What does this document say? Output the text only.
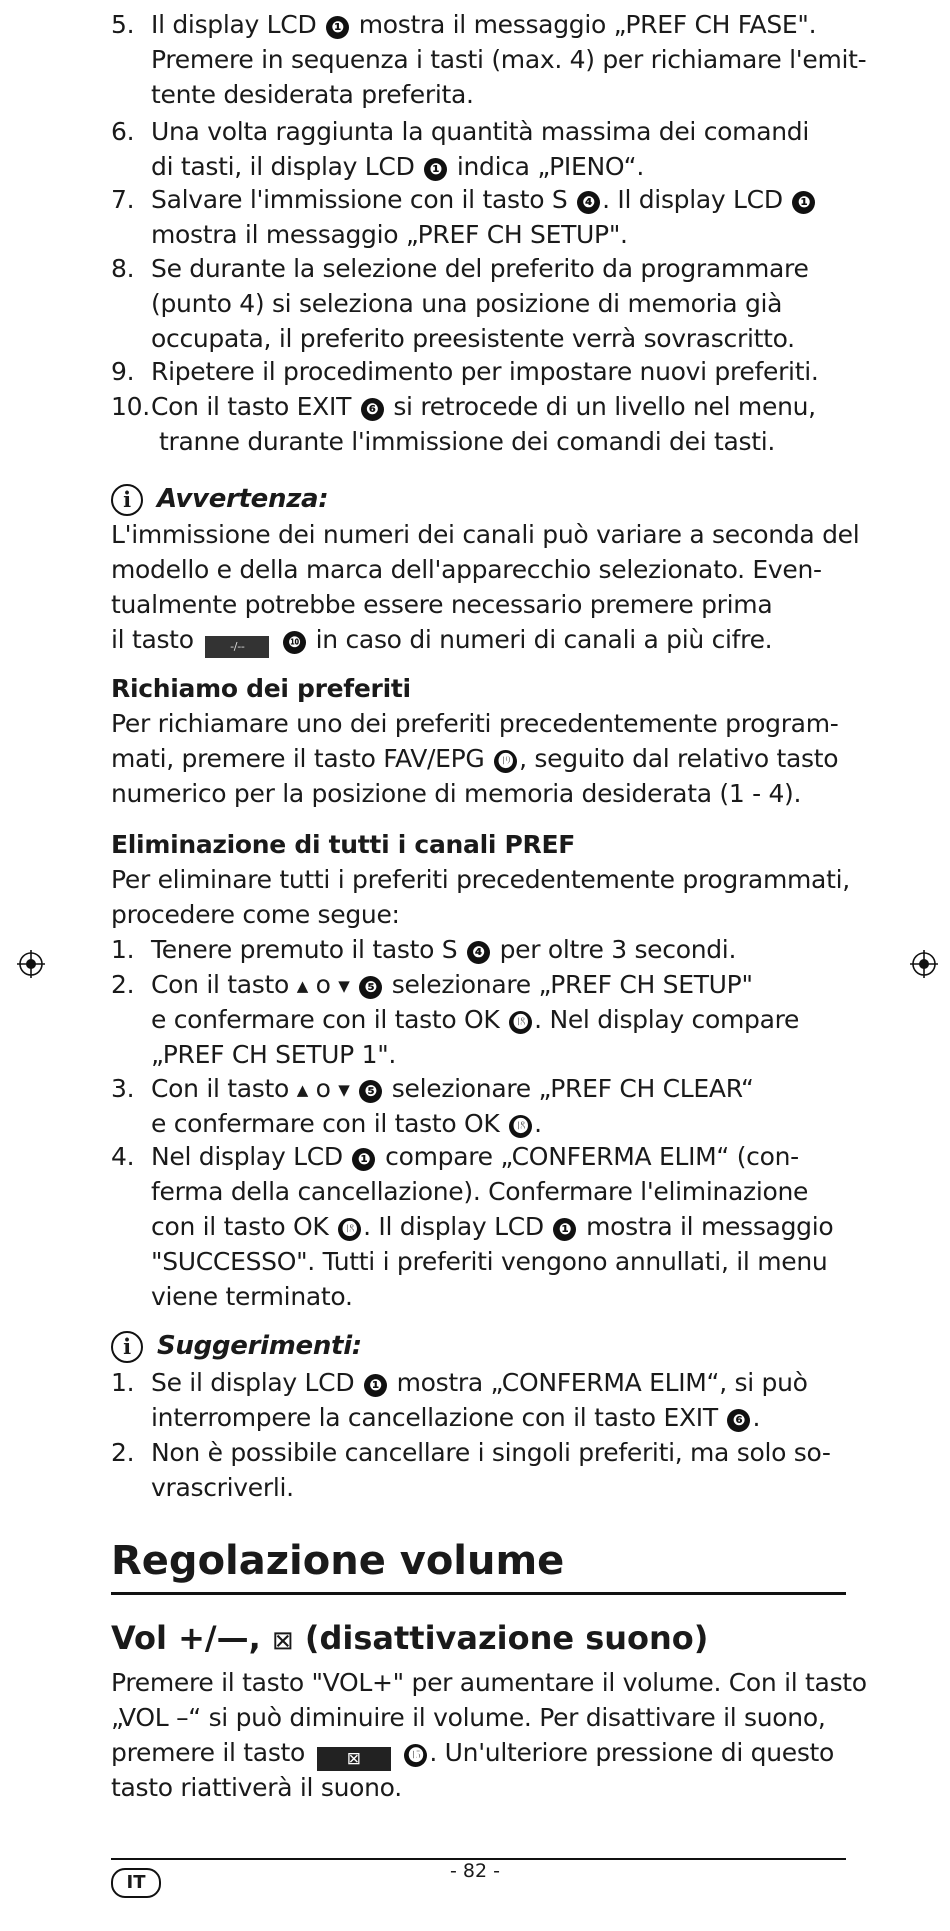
Regolazione volume
Vol +/—, ⊠ (disattivazione suono)
5. Il display LCD ❶ mostra il messaggio „PREF CH FASE".
Premere in sequenza i tasti (max. 4) per richiamare l'emit-
tente desiderata preferita.
6. Una volta raggiunta la quantità massima dei comandi
di tasti, il display LCD ❶ indica „PIENO“.
7. Salvare l'immissione con il tasto S ❹ . Il display LCD ❶
mostra il messaggio „PREF CH SETUP".
8. Se durante la selezione del preferito da programmare
(punto 4) si seleziona una posizione di memoria già
occupata, il preferito preesistente verrà sovrascritto.
9. Ripetere il procedimento per impostare nuovi preferiti.
10. Con il tasto EXIT ❻ si retrocede di un livello nel menu,
tranne durante l'immissione dei comandi dei tasti.
i Avvertenza:
L'immissione dei numeri dei canali può variare a seconda del
modello e della marca dell'apparecchio selezionato. Even-
tualmente potrebbe essere necessario premere prima
il tasto	-/--	❿ in caso di numeri di canali a più cifre.
Richiamo dei preferiti
Per richiamare uno dei preferiti precedentemente program-
mati, premere il tasto FAV/EPG ⓳ , seguito dal relativo tasto
numerico per la posizione di memoria desiderata (1 - 4).
Eliminazione di tutti i canali PREF
Per eliminare tutti i preferiti precedentemente programmati,
procedere come segue:
1. Tenere premuto il tasto S ❹ per oltre 3 secondi.
2. Con il tasto ▲ o ▼ ❺ selezionare „PREF CH SETUP"
e confermare con il tasto OK ⓲ . Nel display compare
„PREF CH SETUP 1".
3. Con il tasto ▲ o ▼ ❺ selezionare „PREF CH CLEAR“
e confermare con il tasto OK ⓲ .
4. Nel display LCD ❶ compare „CONFERMA ELIM“ (con-
ferma della cancellazione). Confermare l'eliminazione
con il tasto OK ⓲ . Il display LCD ❶ mostra il messaggio
"SUCCESSO". Tutti i preferiti vengono annullati, il menu
viene terminato.
i Suggerimenti:
1. Se il display LCD ❶ mostra „CONFERMA ELIM“, si può
interrompere la cancellazione con il tasto EXIT ❻ .
2. Non è possibile cancellare i singoli preferiti, ma solo so-
vrascriverli.
Premere il tasto "VOL+" per aumentare il volume. Con il tasto
„VOL –“ si può diminuire il volume. Per disattivare il suono,
premere il tasto ⊠	⓯ . Un'ulteriore pressione di questo
tasto riattiverà il suono.
IT
- 82 -
